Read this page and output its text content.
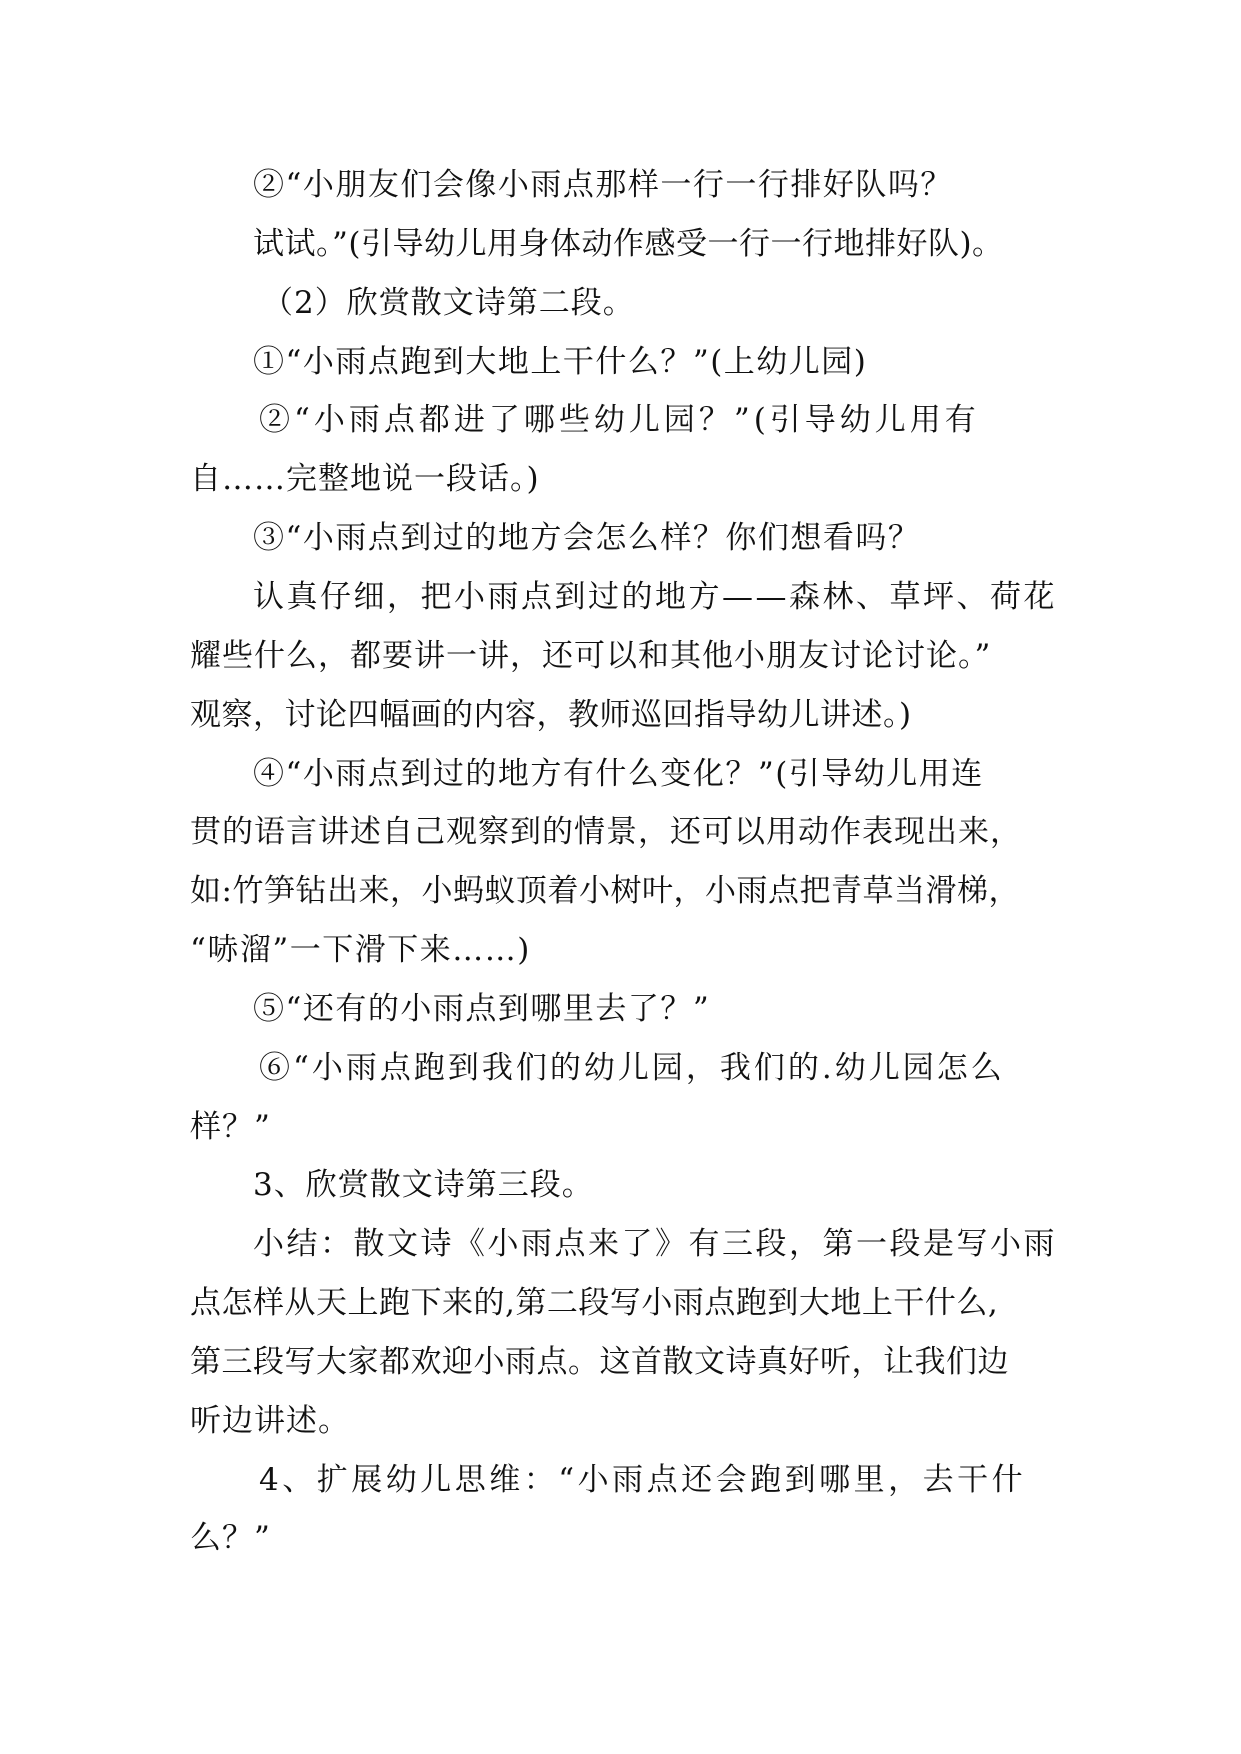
②“小朋友们会像小雨点那样一行一行排好队吗？
试试。”(引导幼儿用身体动作感受一行一行地排好队)。
（2）欣赏散文诗第二段。
①“小雨点跑到大地上干什么？”(上幼儿园)
②“小雨点都进了哪些幼儿园？”(引导幼儿用有
自……完整地说一段话。)
③“小雨点到过的地方会怎么样？你们想看吗？
认真仔细，把小雨点到过的地方——森林、草坪、荷花
耀些什么，都要讲一讲，还可以和其他小朋友讨论讨论。”
观察，讨论四幅画的内容，教师巡回指导幼儿讲述。)
④“小雨点到过的地方有什么变化？”(引导幼儿用连
贯的语言讲述自己观察到的情景，还可以用动作表现出来，
如:竹笋钻出来，小蚂蚁顶着小树叶，小雨点把青草当滑梯，
“哧溜”一下滑下来……)
⑤“还有的小雨点到哪里去了？”
⑥“小雨点跑到我们的幼儿园，我们的.幼儿园怎么
样？”
3、欣赏散文诗第三段。
小结：散文诗《小雨点来了》有三段，第一段是写小雨
点怎样从天上跑下来的,第二段写小雨点跑到大地上干什么,
第三段写大家都欢迎小雨点。这首散文诗真好听，让我们边
听边讲述。
4、扩展幼儿思维：“小雨点还会跑到哪里，去干什
么？”
